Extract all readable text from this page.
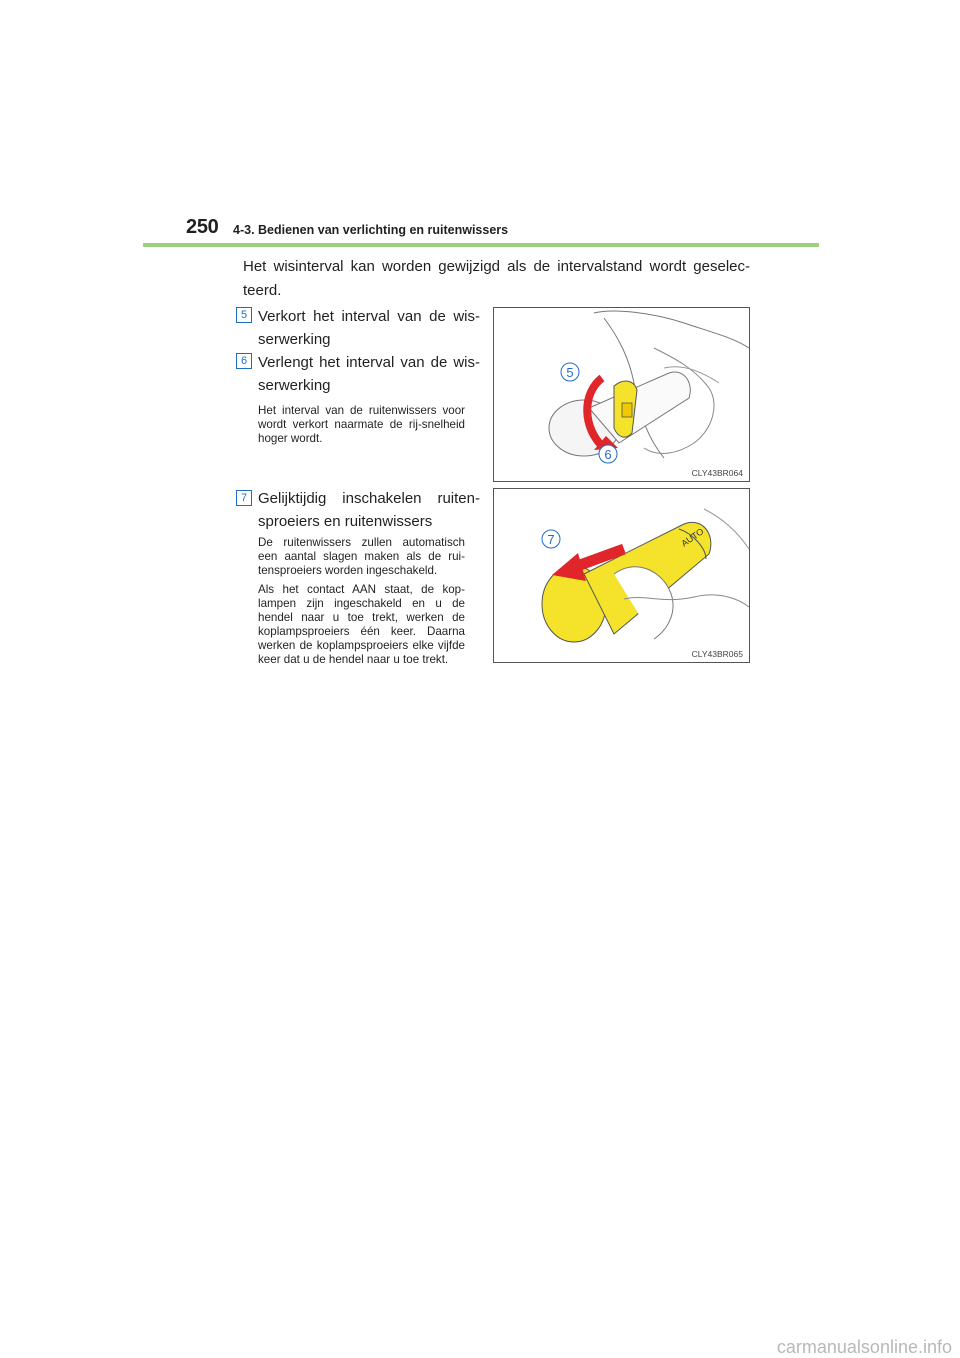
250 4-3. Bedienen van verlichting en ruitenwissers
Het wisinterval kan worden gewijzigd als de intervalstand wordt geselec-teerd.
5 Verkort het interval van de wis-serwerking
6 Verlengt het interval van de wis-serwerking

Het interval van de ruitenwissers voor wordt verkort naarmate de rij-snelheid hoger wordt.

7 Gelijktijdig inschakelen ruiten-sproeiers en ruitenwissers

De ruitenwissers zullen automatisch een aantal slagen maken als de rui-tensproeiers worden ingeschakeld.

Als het contact AAN staat, de kop-lampen zijn ingeschakeld en u de hendel naar u toe trekt, werken de koplampsproeiers één keer. Daarna werken de koplampsproeiers elke vijfde keer dat u de hendel naar u toe trekt.

5
6
CLY43BR064
AUTO
7
CLY43BR065
carmanualsonline.info
